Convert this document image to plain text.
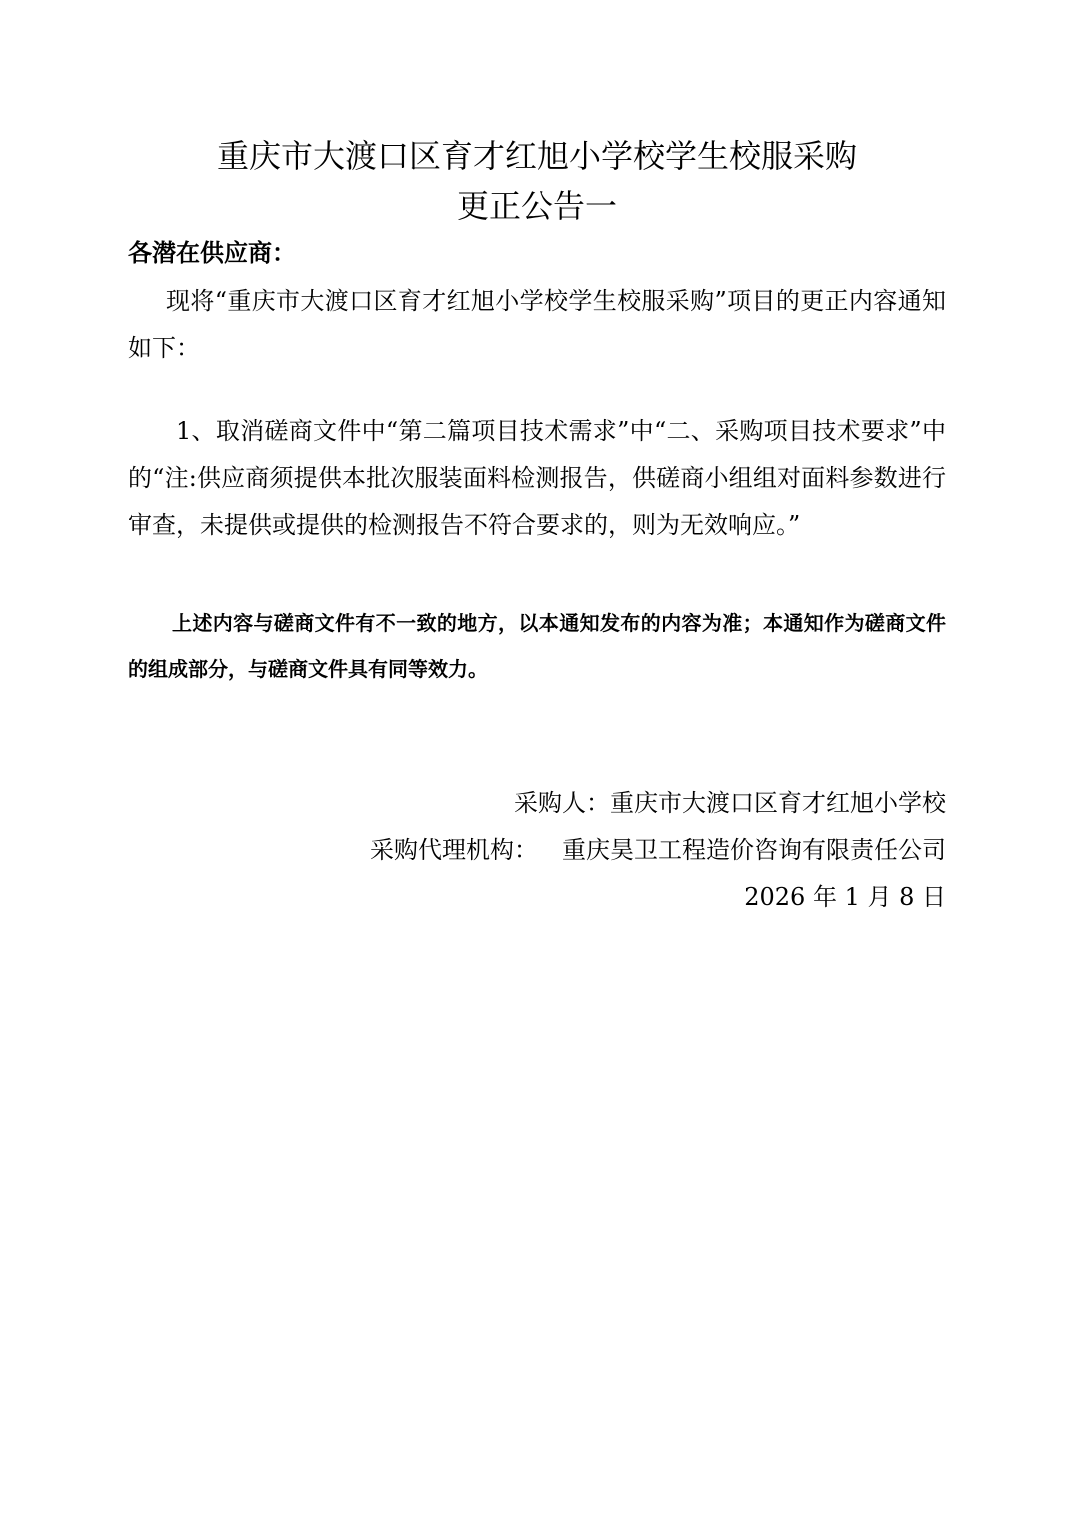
重庆市大渡口区育才红旭小学校学生校服采购
更正公告一
各潜在供应商：
现将“重庆市大渡口区育才红旭小学校学生校服采购”项目的更正内容通知如下：
1、取消磋商文件中“第二篇项目技术需求”中“二、采购项目技术要求”中的“注:供应商须提供本批次服装面料检测报告，供磋商小组组对面料参数进行审查，未提供或提供的检测报告不符合要求的，则为无效响应。”
上述内容与磋商文件有不一致的地方，以本通知发布的内容为准；本通知作为磋商文件的组成部分，与磋商文件具有同等效力。
采购人：重庆市大渡口区育才红旭小学校
采购代理机构： 重庆昊卫工程造价咨询有限责任公司
2026 年 1 月 8 日
